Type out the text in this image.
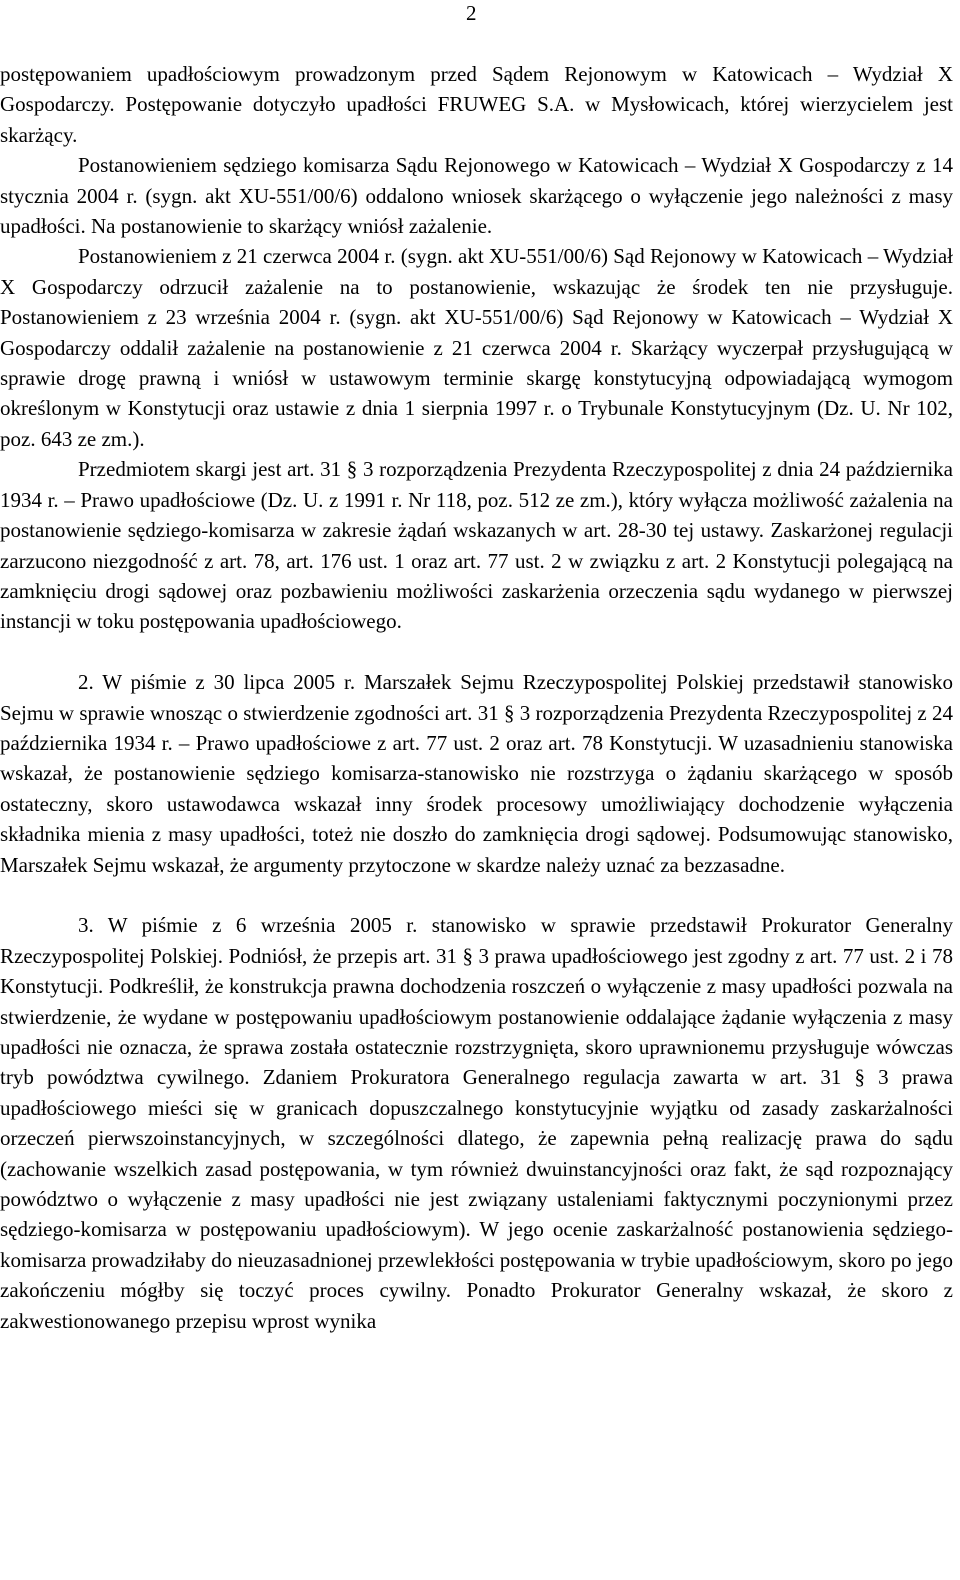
2

postępowaniem upadłościowym prowadzonym przed Sądem Rejonowym w Katowicach – Wydział X Gospodarczy. Postępowanie dotyczyło upadłości FRUWEG S.A. w Mysłowicach, której wierzycielem jest skarżący.

Postanowieniem sędziego komisarza Sądu Rejonowego w Katowicach – Wydział X Gospodarczy z 14 stycznia 2004 r. (sygn. akt XU-551/00/6) oddalono wniosek skarżącego o wyłączenie jego należności z masy upadłości. Na postanowienie to skarżący wniósł zażalenie.

Postanowieniem z 21 czerwca 2004 r. (sygn. akt XU-551/00/6) Sąd Rejonowy w Katowicach – Wydział X Gospodarczy odrzucił zażalenie na to postanowienie, wskazując że środek ten nie przysługuje. Postanowieniem z 23 września 2004 r. (sygn. akt XU-551/00/6) Sąd Rejonowy w Katowicach – Wydział X Gospodarczy oddalił zażalenie na postanowienie z 21 czerwca 2004 r. Skarżący wyczerpał przysługującą w sprawie drogę prawną i wniósł w ustawowym terminie skargę konstytucyjną odpowiadającą wymogom określonym w Konstytucji oraz ustawie z dnia 1 sierpnia 1997 r. o Trybunale Konstytucyjnym (Dz. U. Nr 102, poz. 643 ze zm.).

Przedmiotem skargi jest art. 31 § 3 rozporządzenia Prezydenta Rzeczypospolitej z dnia 24 października 1934 r. – Prawo upadłościowe (Dz. U. z 1991 r. Nr 118, poz. 512 ze zm.), który wyłącza możliwość zażalenia na postanowienie sędziego-komisarza w zakresie żądań wskazanych w art. 28-30 tej ustawy. Zaskarżonej regulacji zarzucono niezgodność z art. 78, art. 176 ust. 1 oraz art. 77 ust. 2 w związku z art. 2 Konstytucji polegającą na zamknięciu drogi sądowej oraz pozbawieniu możliwości zaskarżenia orzeczenia sądu wydanego w pierwszej instancji w toku postępowania upadłościowego.

2. W piśmie z 30 lipca 2005 r. Marszałek Sejmu Rzeczypospolitej Polskiej przedstawił stanowisko Sejmu w sprawie wnosząc o stwierdzenie zgodności art. 31 § 3 rozporządzenia Prezydenta Rzeczypospolitej z 24 października 1934 r. – Prawo upadłościowe z art. 77 ust. 2 oraz art. 78 Konstytucji. W uzasadnieniu stanowiska wskazał, że postanowienie sędziego komisarza-stanowisko nie rozstrzyga o żądaniu skarżącego w sposób ostateczny, skoro ustawodawca wskazał inny środek procesowy umożliwiający dochodzenie wyłączenia składnika mienia z masy upadłości, toteż nie doszło do zamknięcia drogi sądowej. Podsumowując stanowisko, Marszałek Sejmu wskazał, że argumenty przytoczone w skardze należy uznać za bezzasadne.

3. W piśmie z 6 września 2005 r. stanowisko w sprawie przedstawił Prokurator Generalny Rzeczypospolitej Polskiej. Podniósł, że przepis art. 31 § 3 prawa upadłościowego jest zgodny z art. 77 ust. 2 i 78 Konstytucji. Podkreślił, że konstrukcja prawna dochodzenia roszczeń o wyłączenie z masy upadłości pozwala na stwierdzenie, że wydane w postępowaniu upadłościowym postanowienie oddalające żądanie wyłączenia z masy upadłości nie oznacza, że sprawa została ostatecznie rozstrzygnięta, skoro uprawnionemu przysługuje wówczas tryb powództwa cywilnego. Zdaniem Prokuratora Generalnego regulacja zawarta w art. 31 § 3 prawa upadłościowego mieści się w granicach dopuszczalnego konstytucyjnie wyjątku od zasady zaskarżalności orzeczeń pierwszoinstancyjnych, w szczególności dlatego, że zapewnia pełną realizację prawa do sądu (zachowanie wszelkich zasad postępowania, w tym również dwuinstancyjności oraz fakt, że sąd rozpoznający powództwo o wyłączenie z masy upadłości nie jest związany ustaleniami faktycznymi poczynionymi przez sędziego-komisarza w postępowaniu upadłościowym). W jego ocenie zaskarżalność postanowienia sędziego-komisarza prowadziłaby do nieuzasadnionej przewlekłości postępowania w trybie upadłościowym, skoro po jego zakończeniu mógłby się toczyć proces cywilny. Ponadto Prokurator Generalny wskazał, że skoro z zakwestionowanego przepisu wprost wynika
